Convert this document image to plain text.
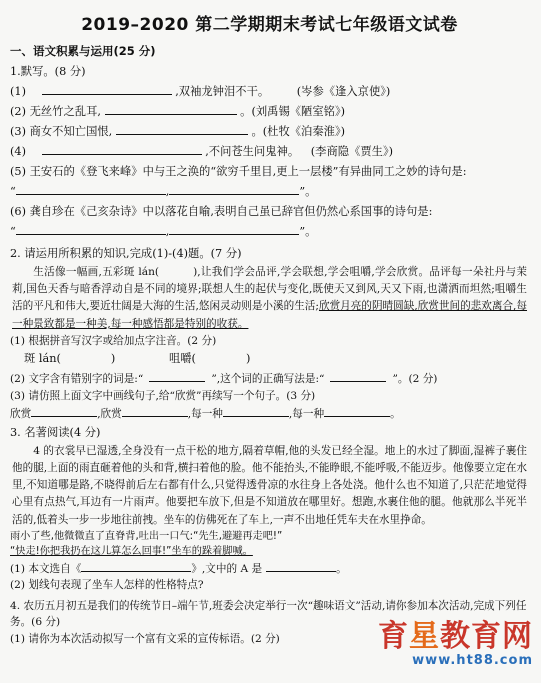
2019–2020 第二学期期末考试七年级语文试卷
一、语文积累与运用(25 分)
1.默写。(8 分)
(1)	,双袖龙钟泪不干。 (岑参《逢入京使》)
(2) 无丝竹之乱耳,	。(刘禹锡《陋室铭》)
(3) 商女不知亡国恨,	。(杜牧《泊秦淮》)
(4)	,不问苍生问鬼神。 (李商隐《贾生》)
(5) 王安石的《登飞来峰》中与王之涣的“欲穷千里目,更上一层楼”有异曲同工之妙的诗句是:
“	,	”。
(6) 龚自珍在《己亥杂诗》中以落花自喻,表明自己虽已辞官但仍然心系国事的诗句是:
“	,	”。
2. 请运用所积累的知识,完成(1)-(4)题。(7 分)
生活像一幅画,五彩斑 lán(	),让我们学会品评,学会联想,学会咀嚼,学会欣赏。品评每一朵社丹与茉莉,国色天香与暗香浮动自是不同的境界;联想人生的起伏与变化,既使天又到风,天又下雨,也潇洒而坦然;咀嚼生活的平凡和伟大,要近壮阔是大海的生活,悠闲灵动则是小溪的生活;欣赏月亮的阴晴圆缺,欣赏世间的悲欢离合,每一种景致都是一种美,每一种感悟都是特别的收获。
(1) 根据拼音写汉字或给加点字注音。(2 分)
斑 lán(	)	咀嚼(	)
(2) 文字含有错别字的词是:“	”,这个词的正确写法是:“	”。(2 分)
(3) 请仿照上面文字中画线句子,给“欣赏”再续写一个句子。(3 分)
欣赏	,欣赏	,每一种	,每一种	。
3. 名著阅读(4 分)
4 的衣裳早已湿透,全身没有一点干松的地方,隔着草帽,他的头发已经全湿。地上的水过了脚面,湿裤子裹住他的腿,上面的雨直砸着他的头和背,横扫着他的脸。他不能抬头,不能睁眼,不能呼吸,不能迈步。他像要立定在水里,不知道哪是路,不晓得前后左右都有什么,只觉得透骨凉的水往身上各处浇。他什么也不知道了,只茫茫地觉得心里有点热气,耳边有一片雨声。他要把车放下,但是不知道放在哪里好。想跑,水裹住他的腿。他就那么半死半活的,低着头一步一步地往前拽。坐车的仿佛死在了车上,一声不出地任凭车夫在水里挣命。
雨小了些,他微微直了直脊背,吐出一口气:“先生,避避再走吧!”
“快走!你把我扔在这儿算怎么回事!”坐车的跺着脚喊。
(1) 本文选自《	》,文中的 A 是	。
(2) 划线句表现了坐车人怎样的性格特点?
4. 农历五月初五是我们的传统节日–端午节,班委会决定举行一次“趣味语文”活动,请你参加本次活动,完成下列任务。(6 分)
(1) 请你为本次活动拟写一个富有文采的宣传标语。(2 分)	育星教育网
www.ht88.com
